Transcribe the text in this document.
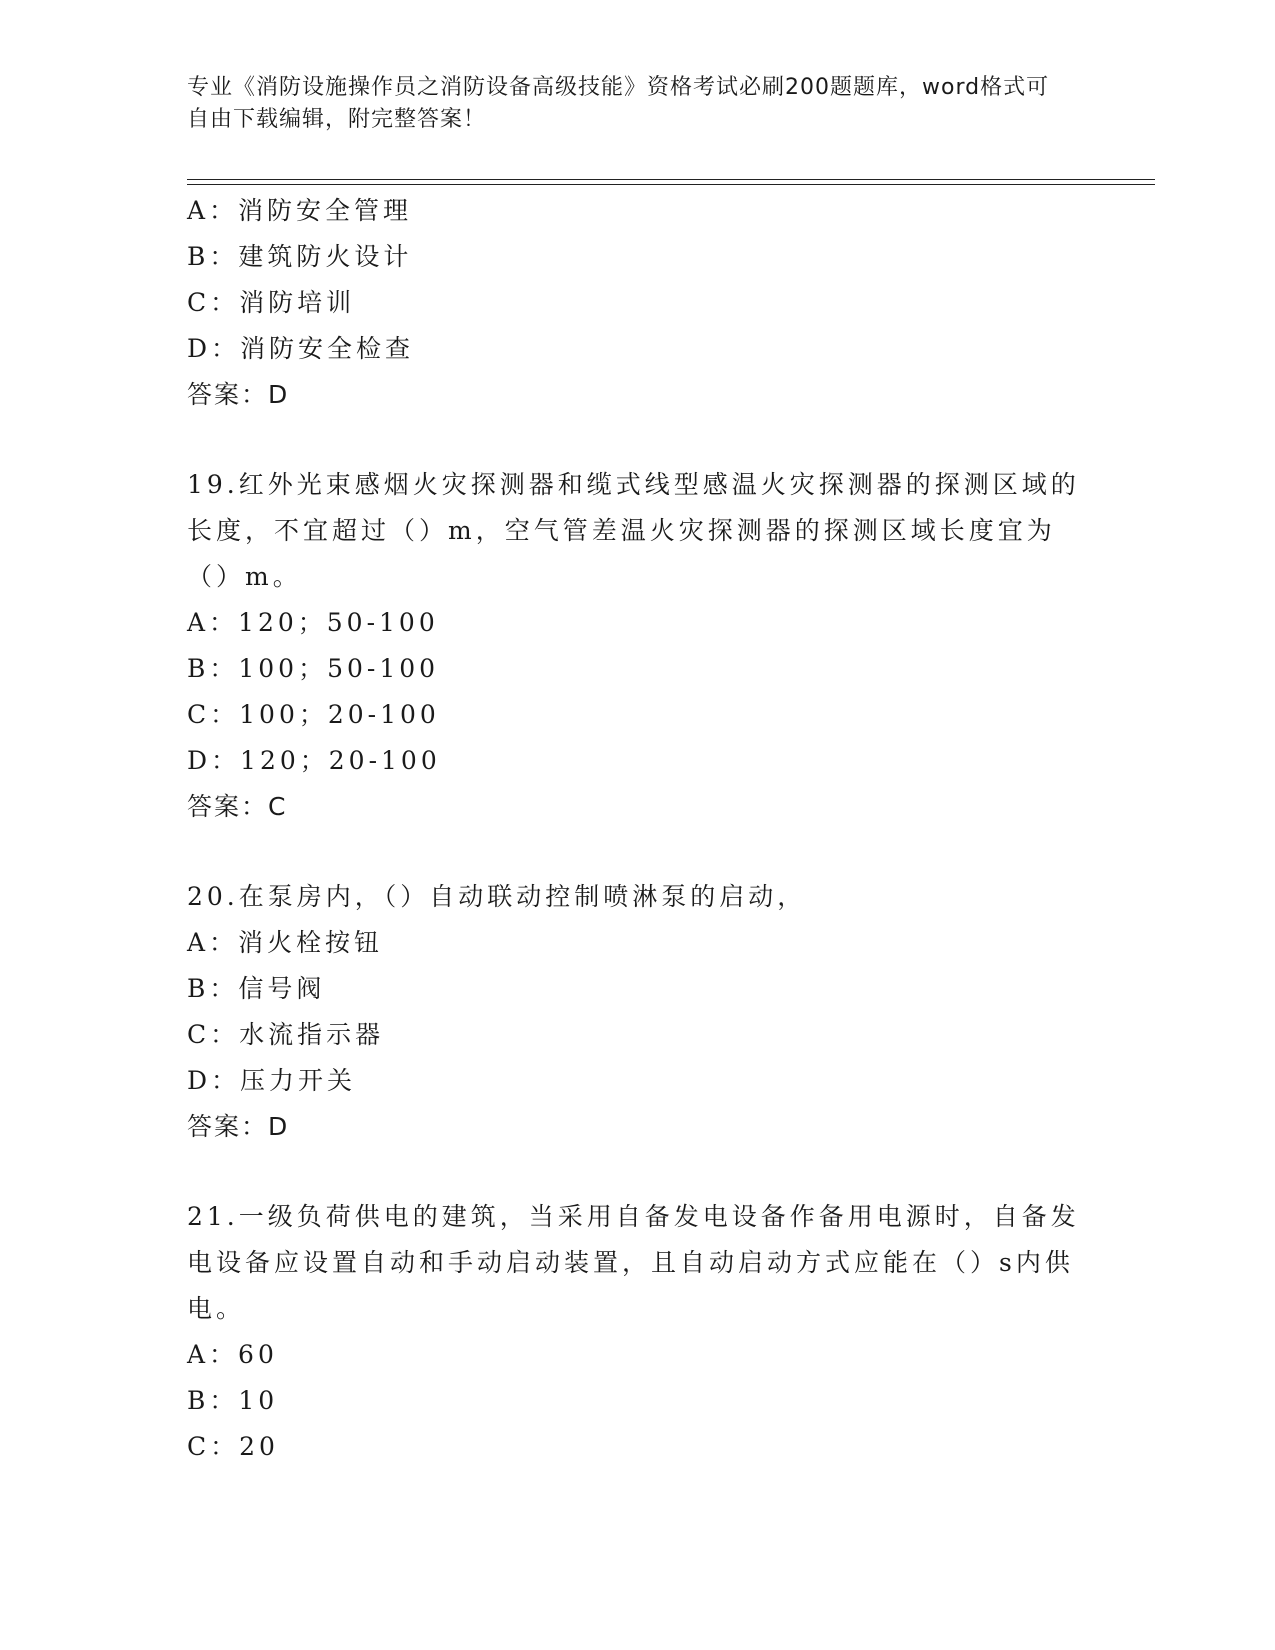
专业《消防设施操作员之消防设备高级技能》资格考试必刷200题题库，word格式可自由下载编辑，附完整答案！
A：消防安全管理
B：建筑防火设计
C：消防培训
D：消防安全检查
答案：D
19.红外光束感烟火灾探测器和缆式线型感温火灾探测器的探测区域的长度，不宜超过（）m，空气管差温火灾探测器的探测区域长度宜为（）m。
A：120；50-100
B：100；50-100
C：100；20-100
D：120；20-100
答案：C
20.在泵房内，（）自动联动控制喷淋泵的启动，
A：消火栓按钮
B：信号阀
C：水流指示器
D：压力开关
答案：D
21.一级负荷供电的建筑，当采用自备发电设备作备用电源时，自备发电设备应设置自动和手动启动装置，且自动启动方式应能在（）s内供电。
A：60
B：10
C：20
